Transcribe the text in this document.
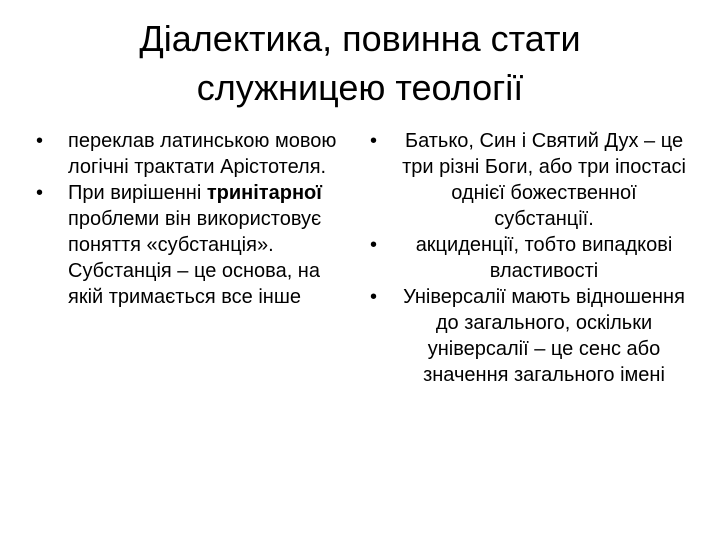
Діалектика, повинна стати
служницею теології
•	переклав латинською мовою логічні трактати Арістотеля.
•	При вирішенні тринітарної проблеми він використовує поняття «субстанція». Субстанція – це основа, на якій тримається все інше
•	Батько, Син і Святий Дух – це три різні Боги, або три іпостасі однієї божественної субстанції.
•	акциденції, тобто випадкові властивості
•	Універсалії мають відношення до загального, оскільки універсалії – це сенс або значення загального імені
